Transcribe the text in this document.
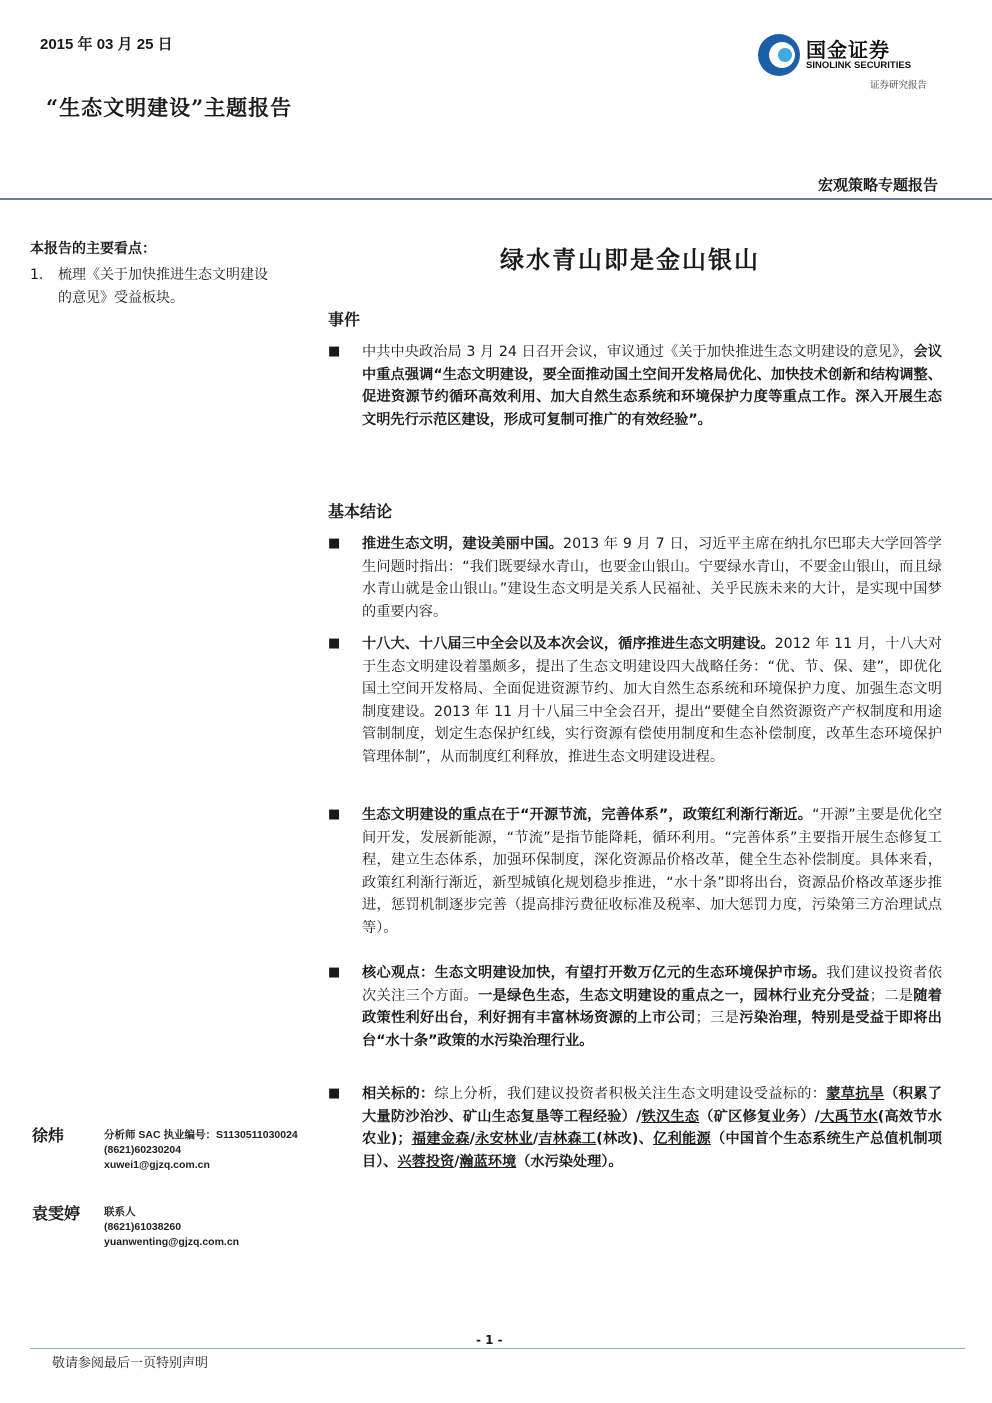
2015 年 03 月 25 日
“生态文明建设”主题报告
国金证券
SINOLINK SECURITIES
证券研究报告
宏观策略专题报告
本报告的主要看点：
1.	梳理《关于加快推进生态文明建设的意见》受益板块。
绿水青山即是金山银山
事件
■	中共中央政治局 3 月 24 日召开会议，审议通过《关于加快推进生态文明建设的意见》，会议中重点强调“生态文明建设，要全面推动国土空间开发格局优化、加快技术创新和结构调整、促进资源节约循环高效利用、加大自然生态系统和环境保护力度等重点工作。深入开展生态文明先行示范区建设，形成可复制可推广的有效经验”。
基本结论
■	推进生态文明，建设美丽中国。2013 年 9 月 7 日，习近平主席在纳扎尔巴耶夫大学回答学生问题时指出：“我们既要绿水青山，也要金山银山。宁要绿水青山，不要金山银山，而且绿水青山就是金山银山。”建设生态文明是关系人民福祉、关乎民族未来的大计，是实现中国梦的重要内容。
■	十八大、十八届三中全会以及本次会议，循序推进生态文明建设。2012 年 11 月，十八大对于生态文明建设着墨颇多，提出了生态文明建设四大战略任务：“优、节、保、建”，即优化国土空间开发格局、全面促进资源节约、加大自然生态系统和环境保护力度、加强生态文明制度建设。2013 年 11 月十八届三中全会召开，提出“要健全自然资源资产产权制度和用途管制制度，划定生态保护红线，实行资源有偿使用制度和生态补偿制度，改革生态环境保护管理体制”，从而制度红利释放，推进生态文明建设进程。
■	生态文明建设的重点在于“开源节流，完善体系”，政策红利渐行渐近。“开源”主要是优化空间开发，发展新能源，“节流”是指节能降耗，循环利用。“完善体系”主要指开展生态修复工程，建立生态体系，加强环保制度，深化资源品价格改革，健全生态补偿制度。具体来看，政策红利渐行渐近，新型城镇化规划稳步推进，“水十条”即将出台，资源品价格改革逐步推进，惩罚机制逐步完善（提高排污费征收标准及税率、加大惩罚力度，污染第三方治理试点等）。
■	核心观点：生态文明建设加快，有望打开数万亿元的生态环境保护市场。我们建议投资者依次关注三个方面。一是绿色生态，生态文明建设的重点之一，园林行业充分受益；二是随着政策性利好出台，利好拥有丰富林场资源的上市公司；三是污染治理，特别是受益于即将出台“水十条”政策的水污染治理行业。
■	相关标的：综上分析，我们建议投资者积极关注生态文明建设受益标的：蒙草抗旱（积累了大量防沙治沙、矿山生态复垦等工程经验）/铁汉生态（矿区修复业务）/大禹节水(高效节水农业)；福建金森/永安林业/吉林森工(林改)、亿利能源（中国首个生态系统生产总值机制项目）、兴蓉投资/瀚蓝环境（水污染处理）。
徐炜	分析师 SAC 执业编号：S1130511030024
(8621)60230204
xuwei1@gjzq.com.cn
袁雯婷 联系人
(8621)61038260
yuanwenting@gjzq.com.cn
- 1 -
敬请参阅最后一页特别声明
